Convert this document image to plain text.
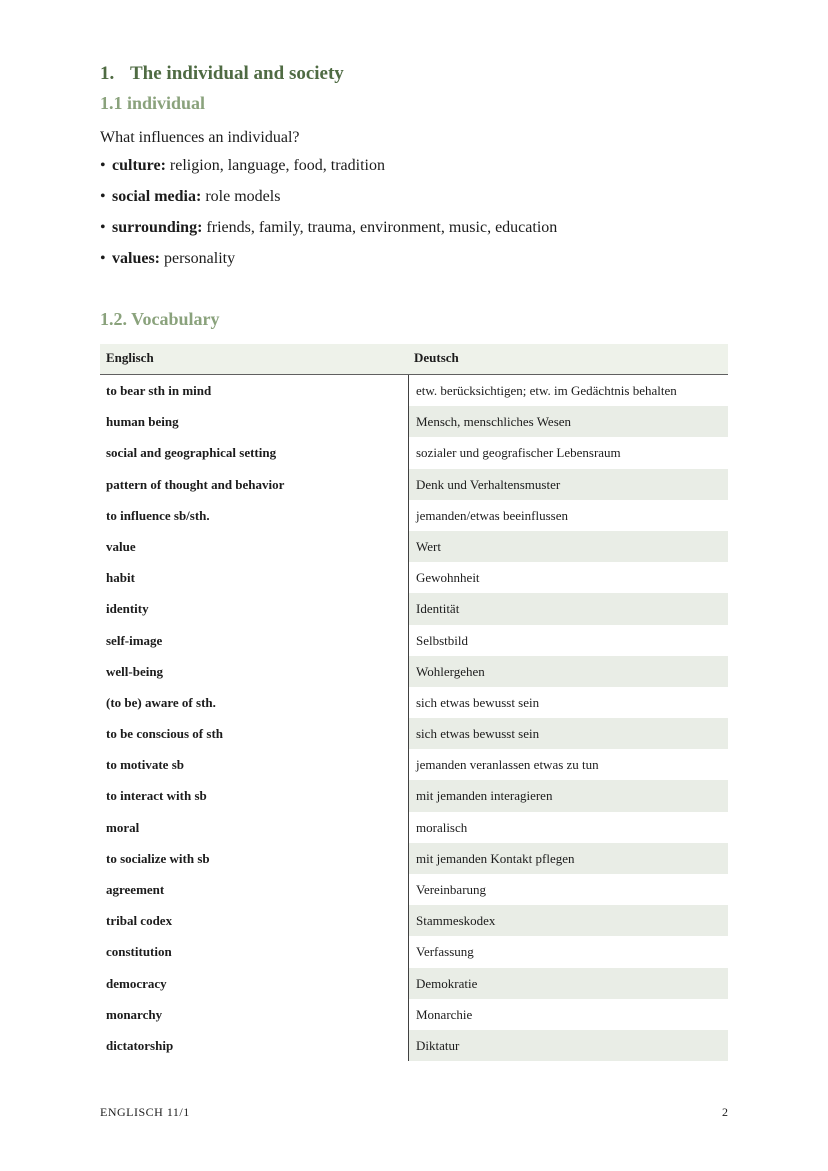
1. The individual and society
1.1 individual
What influences an individual?
• culture: religion, language, food, tradition
• social media: role models
• surrounding: friends, family, trauma, environment, music, education
• values: personality
1.2. Vocabulary
Englisch	Deutsch
to bear sth in mind	etw. berücksichtigen; etw. im Gedächtnis behalten
human being	Mensch, menschliches Wesen
social and geographical setting	sozialer und geografischer Lebensraum
pattern of thought and behavior	Denk und Verhaltensmuster
to influence sb/sth.	jemanden/etwas beeinflussen
value	Wert
habit	Gewohnheit
identity	Identität
self-image	Selbstbild
well-being	Wohlergehen
(to be) aware of sth.	sich etwas bewusst sein
to be conscious of sth	sich etwas bewusst sein
to motivate sb	jemanden veranlassen etwas zu tun
to interact with sb	mit jemanden interagieren
moral	moralisch
to socialize with sb	mit jemanden Kontakt pflegen
agreement	Vereinbarung
tribal codex	Stammeskodex
constitution	Verfassung
democracy	Demokratie
monarchy	Monarchie
dictatorship	Diktatur
ENGLISCH 11/1	2
